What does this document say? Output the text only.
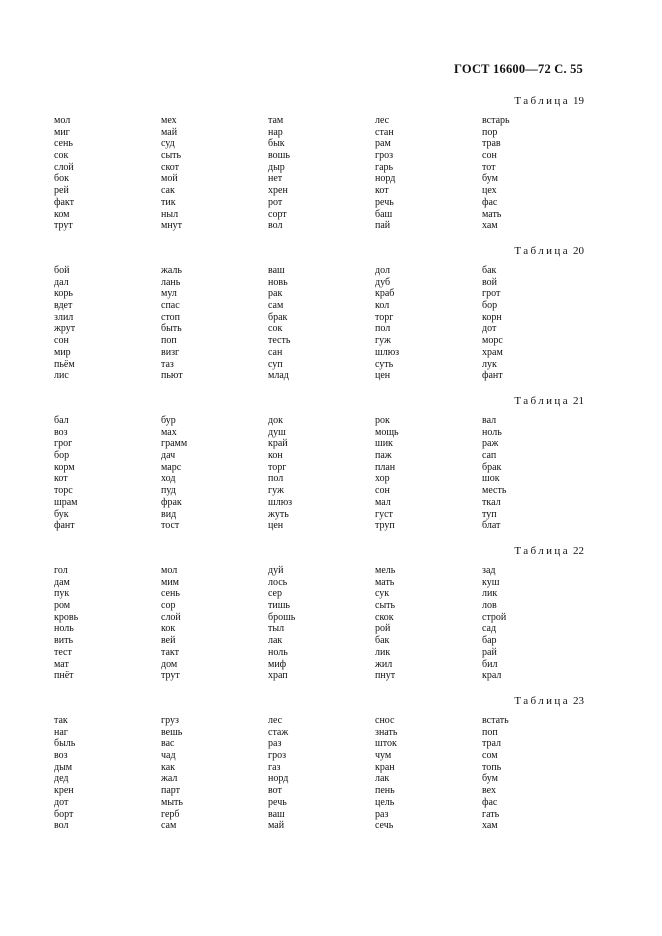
ГОСТ 16600—72 С. 55
Таблица 19
мол
миг
сень
сок
слой
бок
рей
факт
ком
трут
мех
май
суд
сыть
скот
мой
сак
тик
ныл
мнут
там
нар
бык
вошь
дыр
нет
хрен
рот
сорт
вол
лес
стан
рам
гроз
гарь
норд
кот
речь
баш
пай
встарь
пор
трав
сон
тот
бум
цех
фас
мать
хам
Таблица 20
бой
дал
корь
вдет
злил
жрут
сон
мир
пьём
лис
жаль
лань
мул
спас
стоп
быть
поп
визг
таз
пьют
ваш
новь
рак
сам
брак
сок
тесть
сан
суп
млад
дол
дуб
краб
кол
торг
пол
гуж
шлюз
суть
цен
бак
вой
грот
бор
корн
дот
морс
храм
лук
фант
Таблица 21
бал
воз
грог
бор
корм
кот
торс
шрам
бук
фант
бур
мах
грамм
дач
марс
ход
пуд
фрак
вид
тост
док
душ
край
кон
торг
пол
гуж
шлюз
жуть
цен
рок
мощь
шик
паж
план
хор
сон
мал
густ
труп
вал
ноль
раж
сап
брак
шок
месть
ткал
туп
блат
Таблица 22
гол
дам
пук
ром
кровь
ноль
вить
тест
мат
пнёт
мол
мим
сень
сор
слой
кок
вей
такт
дом
трут
дуй
лось
сер
тишь
брошь
тыл
лак
ноль
миф
храп
мель
мать
сук
сыть
скок
рой
бак
лик
жил
пнут
зад
куш
лик
лов
строй
сад
бар
рай
бил
крал
Таблица 23
так
наг
быль
воз
дым
дед
крен
дот
борт
вол
груз
вешь
вас
чад
как
жал
парт
мыть
герб
сам
лес
стаж
раз
гроз
газ
норд
вот
речь
ваш
май
снос
знать
шток
чум
кран
лак
пень
цель
раз
сечь
встать
поп
трал
сом
топь
бум
вех
фас
гать
хам
